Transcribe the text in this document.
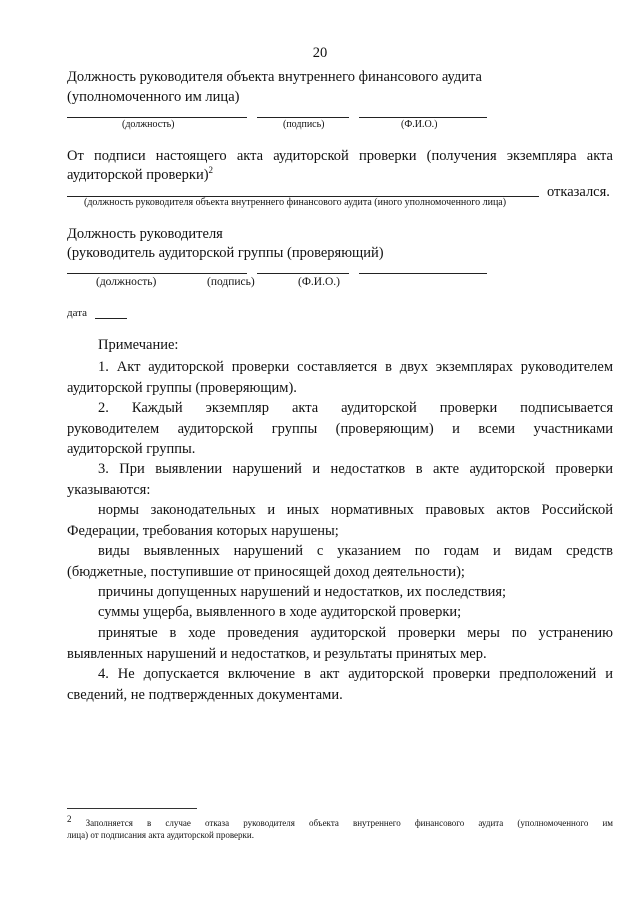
20
Должность руководителя объекта внутреннего финансового аудита
(уполномоченного им лица)
(должность)	(подпись)	(Ф.И.О.)
От подписи настоящего акта аудиторской проверки (получения экземпляра акта
аудиторской проверки)$^2$
отказался.
(должность руководителя объекта внутреннего финансового аудита (иного уполномоченного лица)
Должность руководителя
(руководитель аудиторской группы (проверяющий)
(должность)	(подпись)	(Ф.И.О.)
дата
Примечание:
1. Акт аудиторской проверки составляется в двух экземплярах руководителем
аудиторской группы (проверяющим).
2. Каждый экземпляр акта аудиторской проверки подписывается
руководителем аудиторской группы (проверяющим) и всеми участниками
аудиторской группы.
3. При выявлении нарушений и недостатков в акте аудиторской проверки
указываются:
нормы законодательных и иных нормативных правовых актов Российской
Федерации, требования которых нарушены;
виды выявленных нарушений с указанием по годам и видам средств
(бюджетные, поступившие от приносящей доход деятельности);
причины допущенных нарушений и недостатков, их последствия;
суммы ущерба, выявленного в ходе аудиторской проверки;
принятые в ходе проведения аудиторской проверки меры по устранению
выявленных нарушений и недостатков, и результаты принятых мер.
4. Не допускается включение в акт аудиторской проверки предположений и
сведений, не подтвержденных документами.
$^2$ Заполняется в случае отказа руководителя объекта внутреннего финансового аудита (уполномоченного им
лица) от подписания акта аудиторской проверки.
